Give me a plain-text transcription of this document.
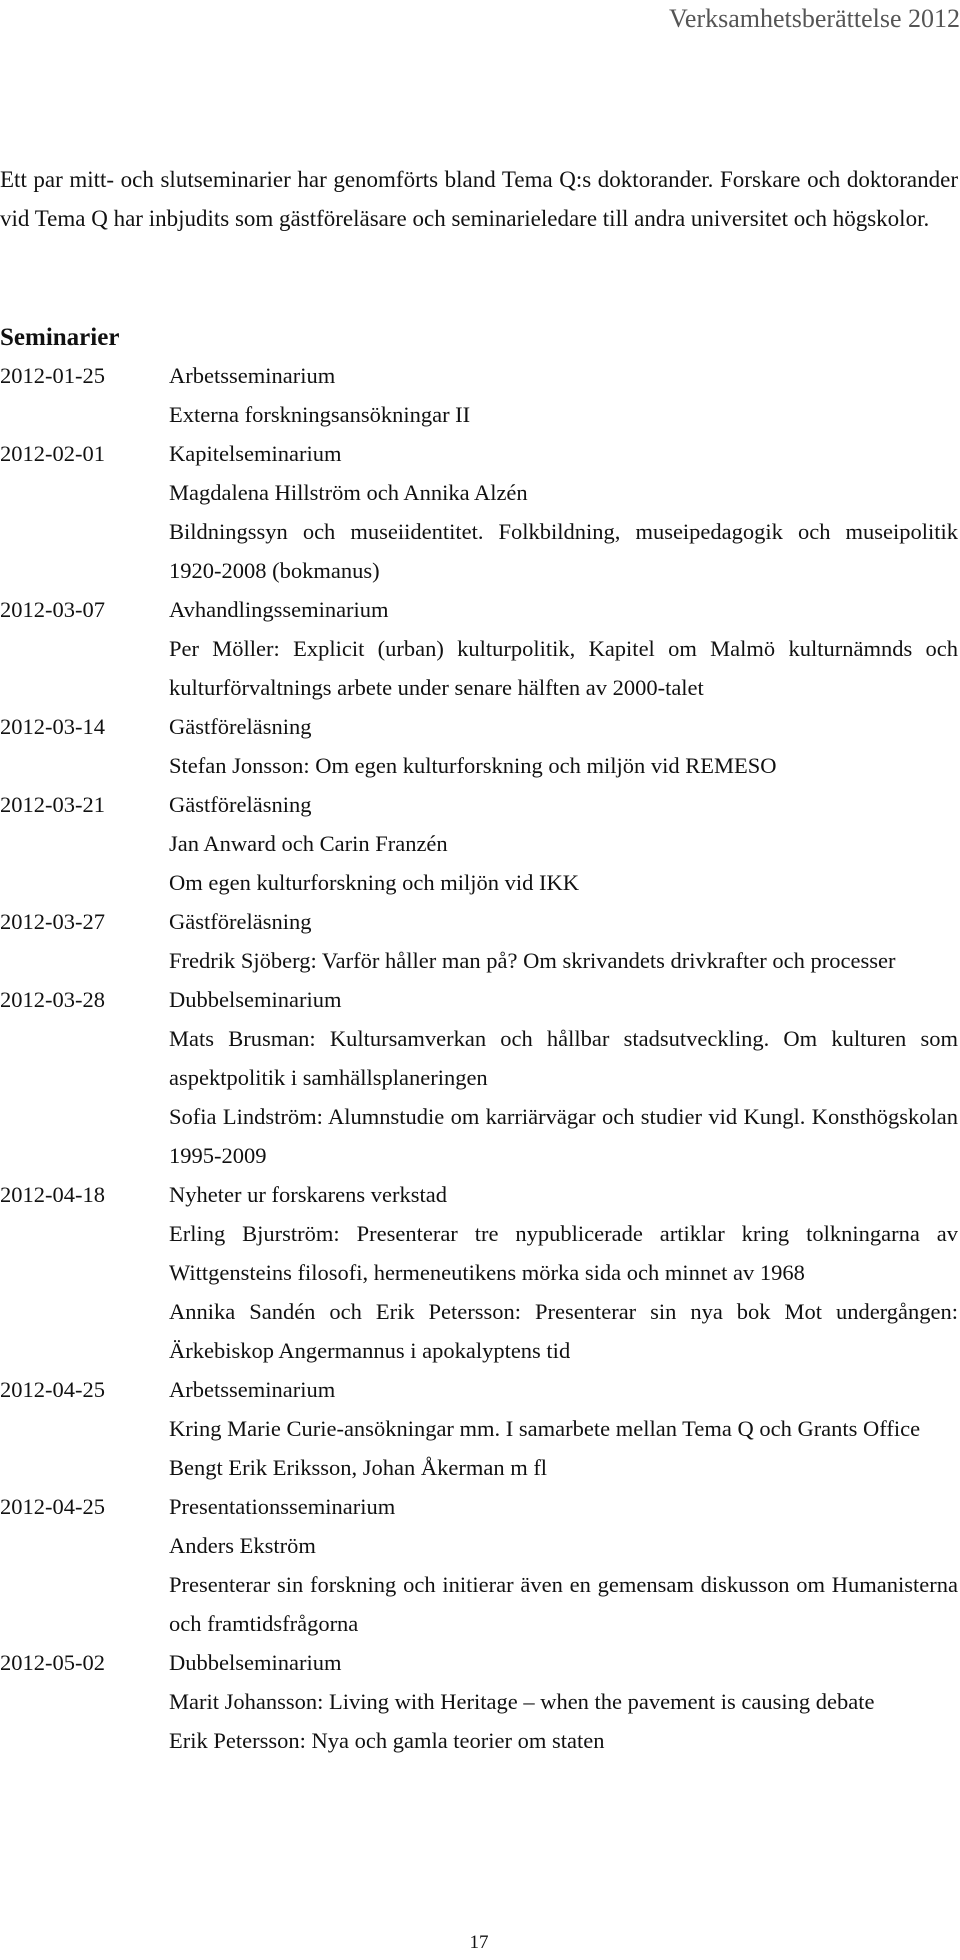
Verksamhetsberättelse 2012

Ett par mitt- och slutseminarier har genomförts bland Tema Q:s doktorander. Forskare och doktorander vid Tema Q har inbjudits som gästföreläsare och seminarieledare till andra universitet och högskolor.

Seminarier
2012-01-25	Arbetsseminarium
Externa forskningsansökningar II
2012-02-01	Kapitelseminarium
Magdalena Hillström och Annika Alzén
Bildningssyn och museiidentitet. Folkbildning, museipedagogik och museipolitik 1920-2008 (bokmanus)
2012-03-07	Avhandlingsseminarium
Per Möller: Explicit (urban) kulturpolitik, Kapitel om Malmö kulturnämnds och kulturförvaltnings arbete under senare hälften av 2000-talet
2012-03-14	Gästföreläsning
Stefan Jonsson: Om egen kulturforskning och miljön vid REMESO
2012-03-21	Gästföreläsning
Jan Anward och Carin Franzén
Om egen kulturforskning och miljön vid IKK
2012-03-27	Gästföreläsning
Fredrik Sjöberg: Varför håller man på? Om skrivandets drivkrafter och processer
2012-03-28	Dubbelseminarium
Mats Brusman: Kultursamverkan och hållbar stadsutveckling. Om kulturen som aspektpolitik i samhällsplaneringen
Sofia Lindström: Alumnstudie om karriärvägar och studier vid Kungl. Konsthögskolan 1995-2009
2012-04-18	Nyheter ur forskarens verkstad
Erling Bjurström: Presenterar tre nypublicerade artiklar kring tolkningarna av Wittgensteins filosofi, hermeneutikens mörka sida och minnet av 1968
Annika Sandén och Erik Petersson: Presenterar sin nya bok Mot undergången: Ärkebiskop Angermannus i apokalyptens tid
2012-04-25	Arbetsseminarium
Kring Marie Curie-ansökningar mm. I samarbete mellan Tema Q och Grants Office
Bengt Erik Eriksson, Johan Åkerman m fl
2012-04-25	Presentationsseminarium
Anders Ekström
Presenterar sin forskning och initierar även en gemensam diskusson om Humanisterna och framtidsfrågorna
2012-05-02	Dubbelseminarium
Marit Johansson: Living with Heritage – when the pavement is causing debate
Erik Petersson: Nya och gamla teorier om staten
17
